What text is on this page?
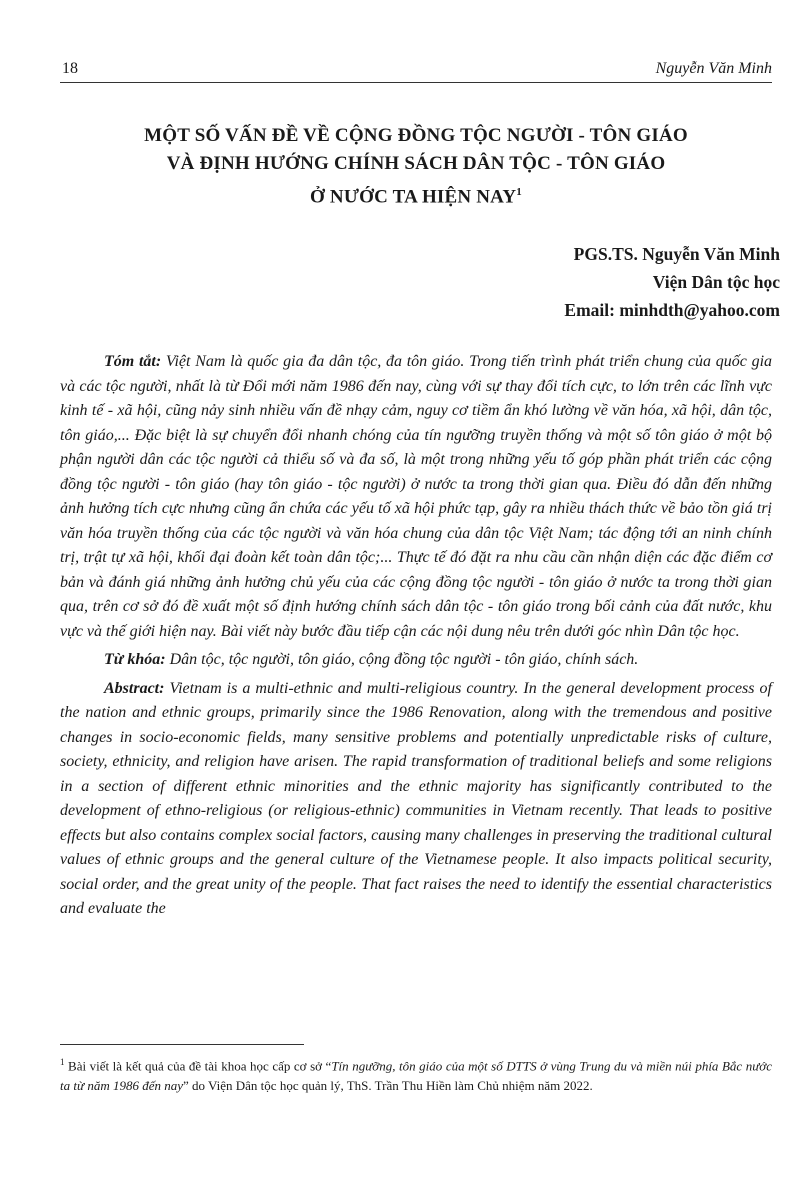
18	Nguyễn Văn Minh
MỘT SỐ VẤN ĐỀ VỀ CỘNG ĐỒNG TỘC NGƯỜI - TÔN GIÁO
VÀ ĐỊNH HƯỚNG CHÍNH SÁCH DÂN TỘC - TÔN GIÁO
Ở NƯỚC TA HIỆN NAY$^1$
PGS.TS. Nguyễn Văn Minh
Viện Dân tộc học
Email: minhdth@yahoo.com

Tóm tắt: Việt Nam là quốc gia đa dân tộc, đa tôn giáo. Trong tiến trình phát triển chung của quốc gia và các tộc người, nhất là từ Đổi mới năm 1986 đến nay, cùng với sự thay đổi tích cực, to lớn trên các lĩnh vực kinh tế - xã hội, cũng nảy sinh nhiều vấn đề nhạy cảm, nguy cơ tiềm ẩn khó lường về văn hóa, xã hội, dân tộc, tôn giáo,... Đặc biệt là sự chuyển đổi nhanh chóng của tín ngưỡng truyền thống và một số tôn giáo ở một bộ phận người dân các tộc người cả thiểu số và đa số, là một trong những yếu tố góp phần phát triển các cộng đồng tộc người - tôn giáo (hay tôn giáo - tộc người) ở nước ta trong thời gian qua. Điều đó dẫn đến những ảnh hưởng tích cực nhưng cũng ẩn chứa các yếu tố xã hội phức tạp, gây ra nhiều thách thức về bảo tồn giá trị văn hóa truyền thống của các tộc người và văn hóa chung của dân tộc Việt Nam; tác động tới an ninh chính trị, trật tự xã hội, khối đại đoàn kết toàn dân tộc;... Thực tế đó đặt ra nhu cầu cần nhận diện các đặc điểm cơ bản và đánh giá những ảnh hưởng chủ yếu của các cộng đồng tộc người - tôn giáo ở nước ta trong thời gian qua, trên cơ sở đó đề xuất một số định hướng chính sách dân tộc - tôn giáo trong bối cảnh của đất nước, khu vực và thế giới hiện nay. Bài viết này bước đầu tiếp cận các nội dung nêu trên dưới góc nhìn Dân tộc học.

Từ khóa: Dân tộc, tộc người, tôn giáo, cộng đồng tộc người - tôn giáo, chính sách.

Abstract: Vietnam is a multi-ethnic and multi-religious country. In the general development process of the nation and ethnic groups, primarily since the 1986 Renovation, along with the tremendous and positive changes in socio-economic fields, many sensitive problems and potentially unpredictable risks of culture, society, ethnicity, and religion have arisen. The rapid transformation of traditional beliefs and some religions in a section of different ethnic minorities and the ethnic majority has significantly contributed to the development of ethno-religious (or religious-ethnic) communities in Vietnam recently. That leads to positive effects but also contains complex social factors, causing many challenges in preserving the traditional cultural values of ethnic groups and the general culture of the Vietnamese people. It also impacts political security, social order, and the great unity of the people. That fact raises the need to identify the essential characteristics and evaluate the

$^1$ Bài viết là kết quả của đề tài khoa học cấp cơ sở “Tín ngưỡng, tôn giáo của một số DTTS ở vùng Trung du và miền núi phía Bắc nước ta từ năm 1986 đến nay” do Viện Dân tộc học quản lý, ThS. Trần Thu Hiền làm Chủ nhiệm năm 2022.
